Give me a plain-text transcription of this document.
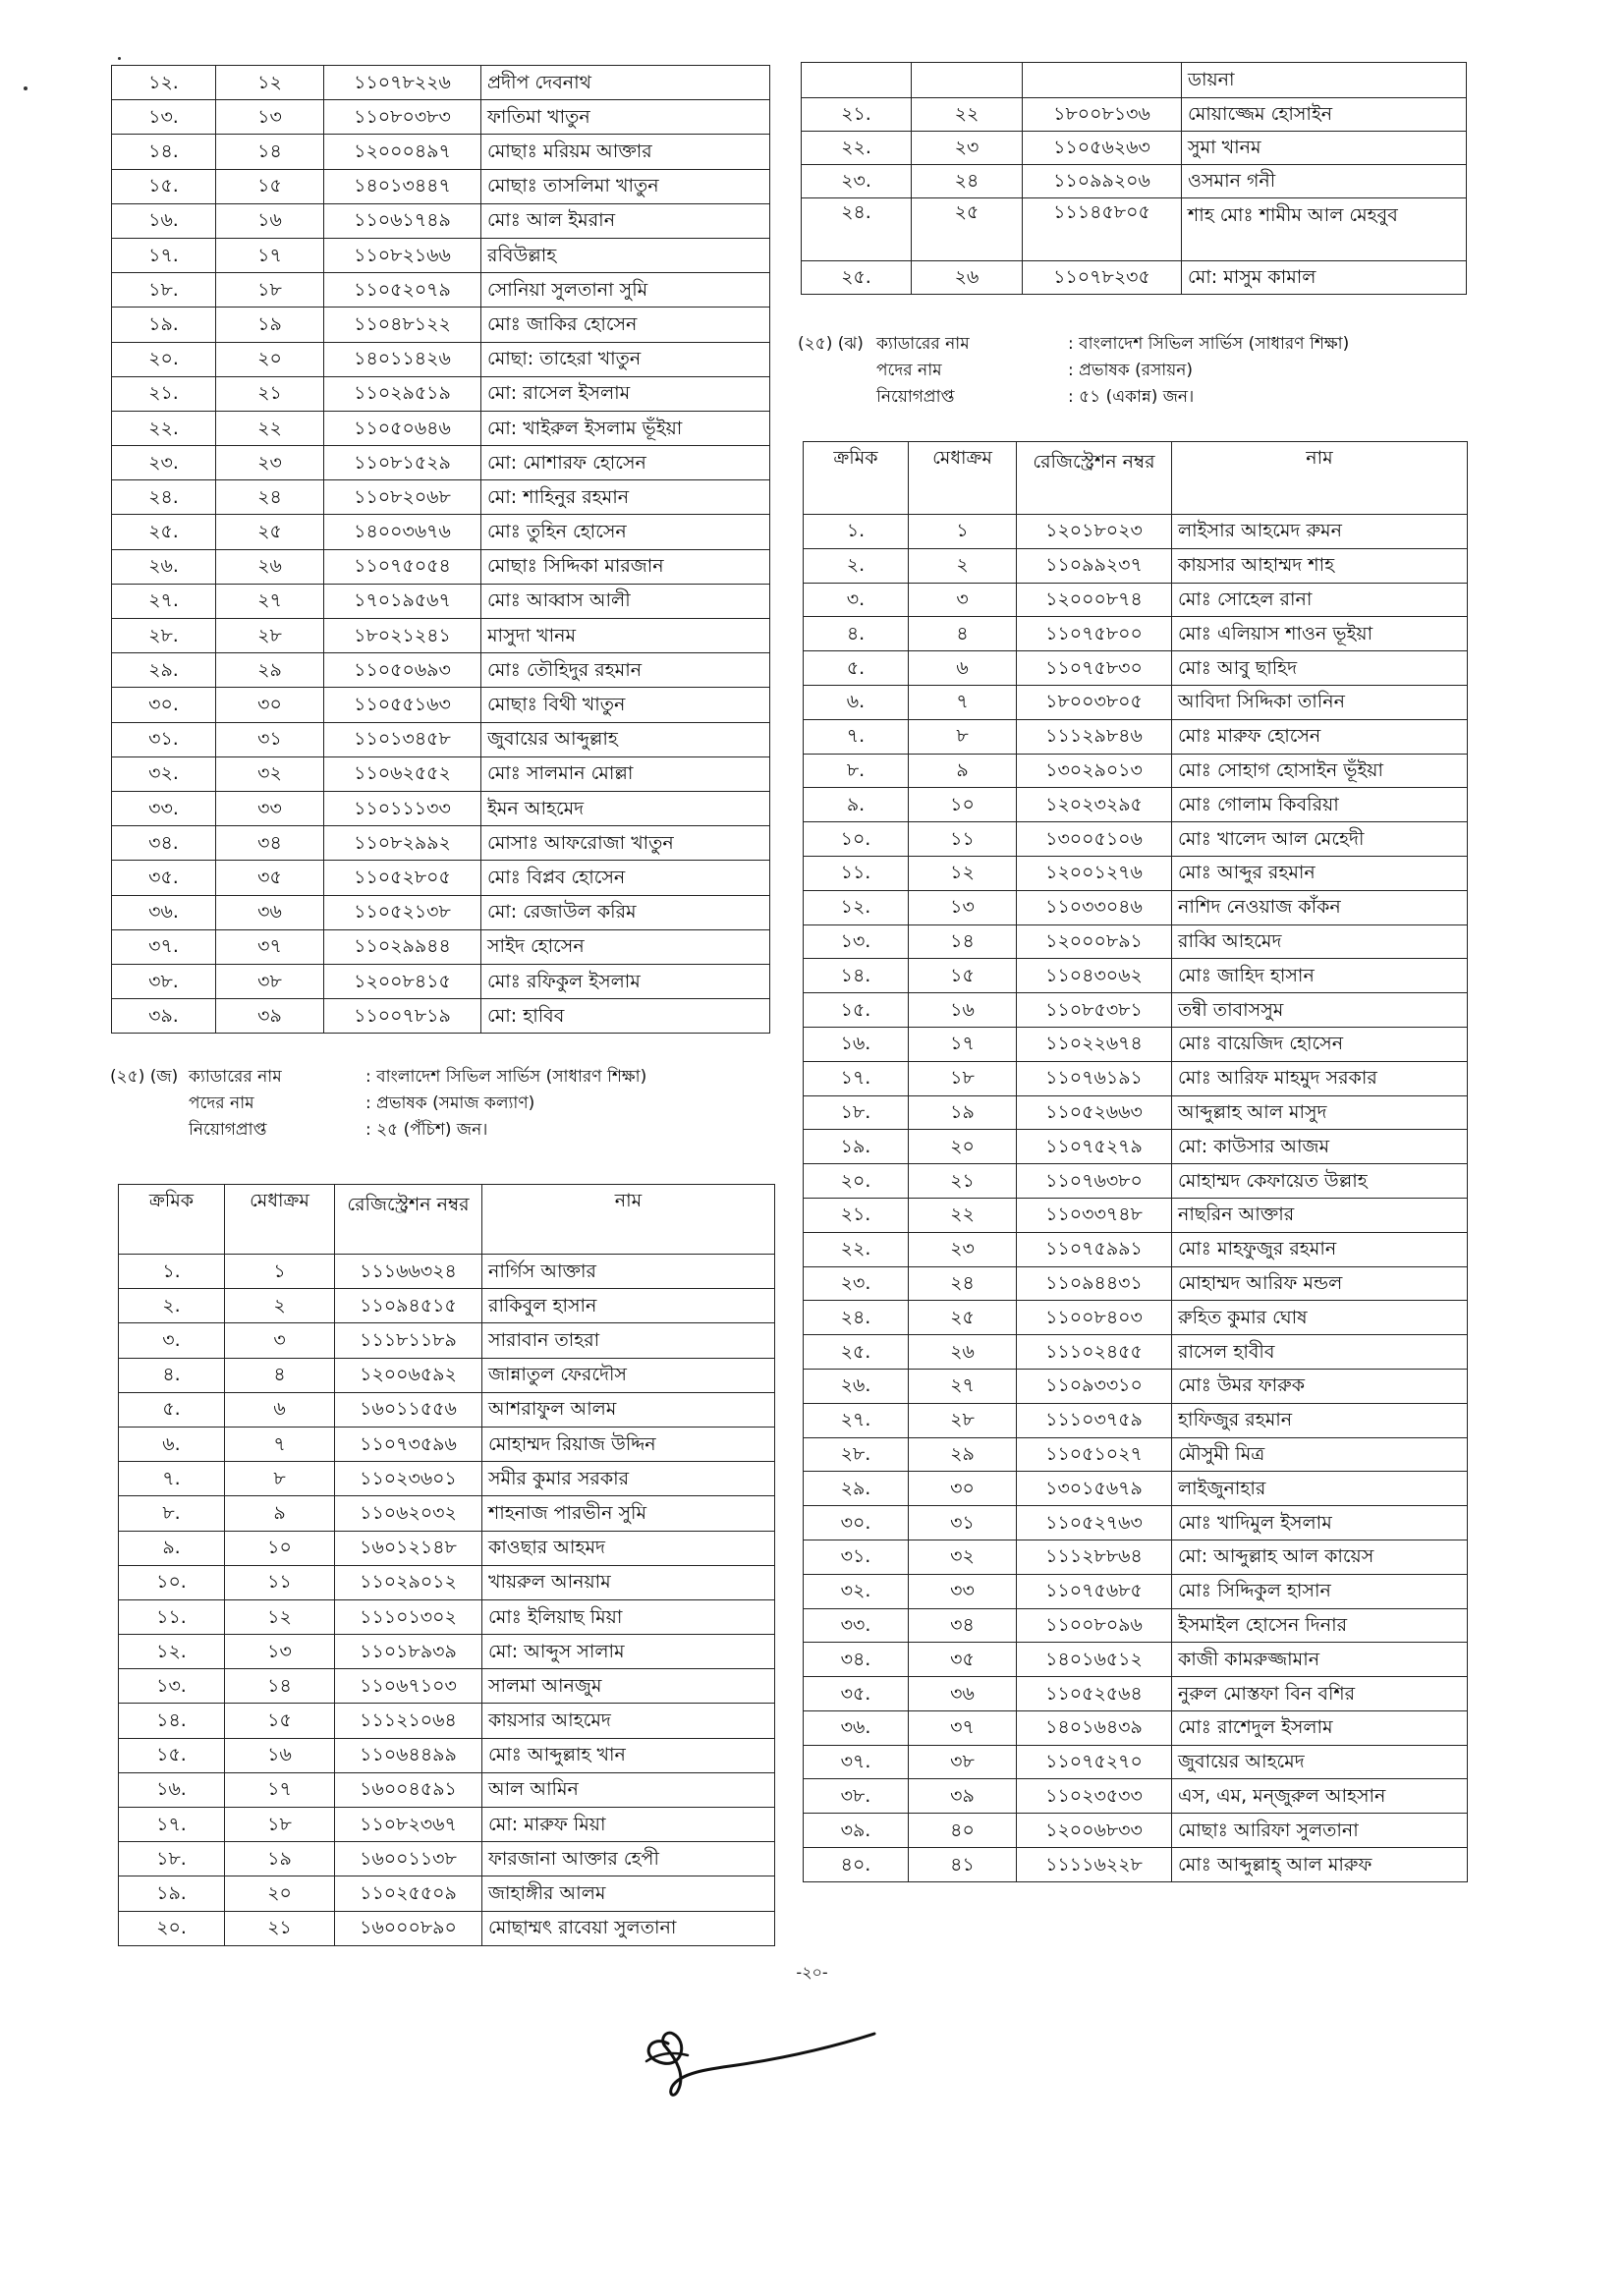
১২.	১২	১১০৭৮২২৬	প্রদীপ দেবনাথ
১৩.	১৩	১১০৮০৩৮৩	ফাতিমা খাতুন
১৪.	১৪	১২০০০৪৯৭	মোছাঃ মরিয়ম আক্তার
১৫.	১৫	১৪০১৩৪৪৭	মোছাঃ তাসলিমা খাতুন
১৬.	১৬	১১০৬১৭৪৯	মোঃ আল ইমরান
১৭.	১৭	১১০৮২১৬৬	রবিউল্লাহ
১৮.	১৮	১১০৫২০৭৯	সোনিয়া সুলতানা সুমি
১৯.	১৯	১১০৪৮১২২	মোঃ জাকির হোসেন
২০.	২০	১৪০১১৪২৬	মোছা: তাহেরা খাতুন
২১.	২১	১১০২৯৫১৯	মো: রাসেল ইসলাম
২২.	২২	১১০৫০৬৪৬	মো: খাইরুল ইসলাম ভূঁইয়া
২৩.	২৩	১১০৮১৫২৯	মো: মোশারফ হোসেন
২৪.	২৪	১১০৮২০৬৮	মো: শাহিনুর রহমান
২৫.	২৫	১৪০০৩৬৭৬	মোঃ তুহিন হোসেন
২৬.	২৬	১১০৭৫০৫৪	মোছাঃ সিদ্দিকা মারজান
২৭.	২৭	১৭০১৯৫৬৭	মোঃ আব্বাস আলী
২৮.	২৮	১৮০২১২৪১	মাসুদা খানম
২৯.	২৯	১১০৫০৬৯৩	মোঃ তৌহিদুর রহমান
৩০.	৩০	১১০৫৫১৬৩	মোছাঃ বিথী খাতুন
৩১.	৩১	১১০১৩৪৫৮	জুবায়ের আব্দুল্লাহ
৩২.	৩২	১১০৬২৫৫২	মোঃ সালমান মোল্লা
৩৩.	৩৩	১১০১১১৩৩	ইমন আহমেদ
৩৪.	৩৪	১১০৮২৯৯২	মোসাঃ আফরোজা খাতুন
৩৫.	৩৫	১১০৫২৮০৫	মোঃ বিপ্লব হোসেন
৩৬.	৩৬	১১০৫২১৩৮	মো: রেজাউল করিম
৩৭.	৩৭	১১০২৯৯৪৪	সাইদ হোসেন
৩৮.	৩৮	১২০০৮৪১৫	মোঃ রফিকুল ইসলাম
৩৯.	৩৯	১১০০৭৮১৯	মো: হাবিব
(২৫) (জ) ক্যাডারের নাম	: বাংলাদেশ সিভিল সার্ভিস (সাধারণ শিক্ষা)
পদের নাম	: প্রভাষক (সমাজ কল্যাণ)
নিয়োগপ্রাপ্ত	: ২৫ (পঁচিশ) জন।
ক্রমিক	মেধাক্রম	রেজিস্ট্রেশন নম্বর	নাম
১.	১	১১১৬৬৩২৪	নার্গিস আক্তার
২.	২	১১০৯৪৫১৫	রাকিবুল হাসান
৩.	৩	১১১৮১১৮৯	সারাবান তাহরা
৪.	৪	১২০০৬৫৯২	জান্নাতুল ফেরদৌস
৫.	৬	১৬০১১৫৫৬	আশরাফুল আলম
৬.	৭	১১০৭৩৫৯৬	মোহাম্মদ রিয়াজ উদ্দিন
৭.	৮	১১০২৩৬০১	সমীর কুমার সরকার
৮.	৯	১১০৬২০৩২	শাহনাজ পারভীন সুমি
৯.	১০	১৬০১২১৪৮	কাওছার আহমদ
১০.	১১	১১০২৯০১২	খায়রুল আনয়াম
১১.	১২	১১১০১৩০২	মোঃ ইলিয়াছ মিয়া
১২.	১৩	১১০১৮৯৩৯	মো: আব্দুস সালাম
১৩.	১৪	১১০৬৭১০৩	সালমা আনজুম
১৪.	১৫	১১১২১০৬৪	কায়সার আহমেদ
১৫.	১৬	১১০৬৪৪৯৯	মোঃ আব্দুল্লাহ খান
১৬.	১৭	১৬০০৪৫৯১	আল আমিন
১৭.	১৮	১১০৮২৩৬৭	মো: মারুফ মিয়া
১৮.	১৯	১৬০০১১৩৮	ফারজানা আক্তার হেপী
১৯.	২০	১১০২৫৫০৯	জাহাঙ্গীর আলম
২০.	২১	১৬০০০৮৯০	মোছাম্মৎ রাবেয়া সুলতানা
			ডায়না
২১.	২২	১৮০০৮১৩৬	মোয়াজ্জেম হোসাইন
২২.	২৩	১১০৫৬২৬৩	সুমা খানম
২৩.	২৪	১১০৯৯২০৬	ওসমান গনী
২৪.	২৫	১১১৪৫৮০৫	শাহ মোঃ শামীম আল মেহবুব
২৫.	২৬	১১০৭৮২৩৫	মো: মাসুম কামাল
(২৫) (ঝ) ক্যাডারের নাম	: বাংলাদেশ সিভিল সার্ভিস (সাধারণ শিক্ষা)
পদের নাম	: প্রভাষক (রসায়ন)
নিয়োগপ্রাপ্ত	: ৫১ (একান্ন) জন।
ক্রমিক	মেধাক্রম	রেজিস্ট্রেশন নম্বর	নাম
১.	১	১২০১৮০২৩	লাইসার আহমেদ রুমন
২.	২	১১০৯৯২৩৭	কায়সার আহাম্মদ শাহ
৩.	৩	১২০০০৮৭৪	মোঃ সোহেল রানা
৪.	৪	১১০৭৫৮০০	মোঃ এলিয়াস শাওন ভূইয়া
৫.	৬	১১০৭৫৮৩০	মোঃ আবু ছাহিদ
৬.	৭	১৮০০৩৮০৫	আবিদা সিদ্দিকা তানিন
৭.	৮	১১১২৯৮৪৬	মোঃ মারুফ হোসেন
৮.	৯	১৩০২৯০১৩	মোঃ সোহাগ হোসাইন ভূঁইয়া
৯.	১০	১২০২৩২৯৫	মোঃ গোলাম কিবরিয়া
১০.	১১	১৩০০৫১০৬	মোঃ খালেদ আল মেহেদী
১১.	১২	১২০০১২৭৬	মোঃ আব্দুর রহমান
১২.	১৩	১১০৩৩০৪৬	নাশিদ নেওয়াজ কাঁকন
১৩.	১৪	১২০০০৮৯১	রাব্বি আহমেদ
১৪.	১৫	১১০৪৩০৬২	মোঃ জাহিদ হাসান
১৫.	১৬	১১০৮৫৩৮১	তন্বী তাবাসসুম
১৬.	১৭	১১০২২৬৭৪	মোঃ বায়েজিদ হোসেন
১৭.	১৮	১১০৭৬১৯১	মোঃ আরিফ মাহমুদ সরকার
১৮.	১৯	১১০৫২৬৬৩	আব্দুল্লাহ আল মাসুদ
১৯.	২০	১১০৭৫২৭৯	মো: কাউসার আজম
২০.	২১	১১০৭৬৩৮০	মোহাম্মদ কেফায়েত উল্লাহ
২১.	২২	১১০৩৩৭৪৮	নাছরিন আক্তার
২২.	২৩	১১০৭৫৯৯১	মোঃ মাহফুজুর রহমান
২৩.	২৪	১১০৯৪৪৩১	মোহাম্মদ আরিফ মন্ডল
২৪.	২৫	১১০০৮৪০৩	রুহিত কুমার ঘোষ
২৫.	২৬	১১১০২৪৫৫	রাসেল হাবীব
২৬.	২৭	১১০৯৩৩১০	মোঃ উমর ফারুক
২৭.	২৮	১১১০৩৭৫৯	হাফিজুর রহমান
২৮.	২৯	১১০৫১০২৭	মৌসুমী মিত্র
২৯.	৩০	১৩০১৫৬৭৯	লাইজুনাহার
৩০.	৩১	১১০৫২৭৬৩	মোঃ খাদিমুল ইসলাম
৩১.	৩২	১১১২৮৮৬৪	মো: আব্দুল্লাহ আল কায়েস
৩২.	৩৩	১১০৭৫৬৮৫	মোঃ সিদ্দিকুল হাসান
৩৩.	৩৪	১১০০৮০৯৬	ইসমাইল হোসেন দিনার
৩৪.	৩৫	১৪০১৬৫১২	কাজী কামরুজ্জামান
৩৫.	৩৬	১১০৫২৫৬৪	নুরুল মোস্তফা বিন বশির
৩৬.	৩৭	১৪০১৬৪৩৯	মোঃ রাশেদুল ইসলাম
৩৭.	৩৮	১১০৭৫২৭০	জুবায়ের আহমেদ
৩৮.	৩৯	১১০২৩৫৩৩	এস, এম, মন্জুরুল আহসান
৩৯.	৪০	১২০০৬৮৩৩	মোছাঃ আরিফা সুলতানা
৪০.	৪১	১১১১৬২২৮	মোঃ আব্দুল্লাহ্ আল মারুফ
-২০-
